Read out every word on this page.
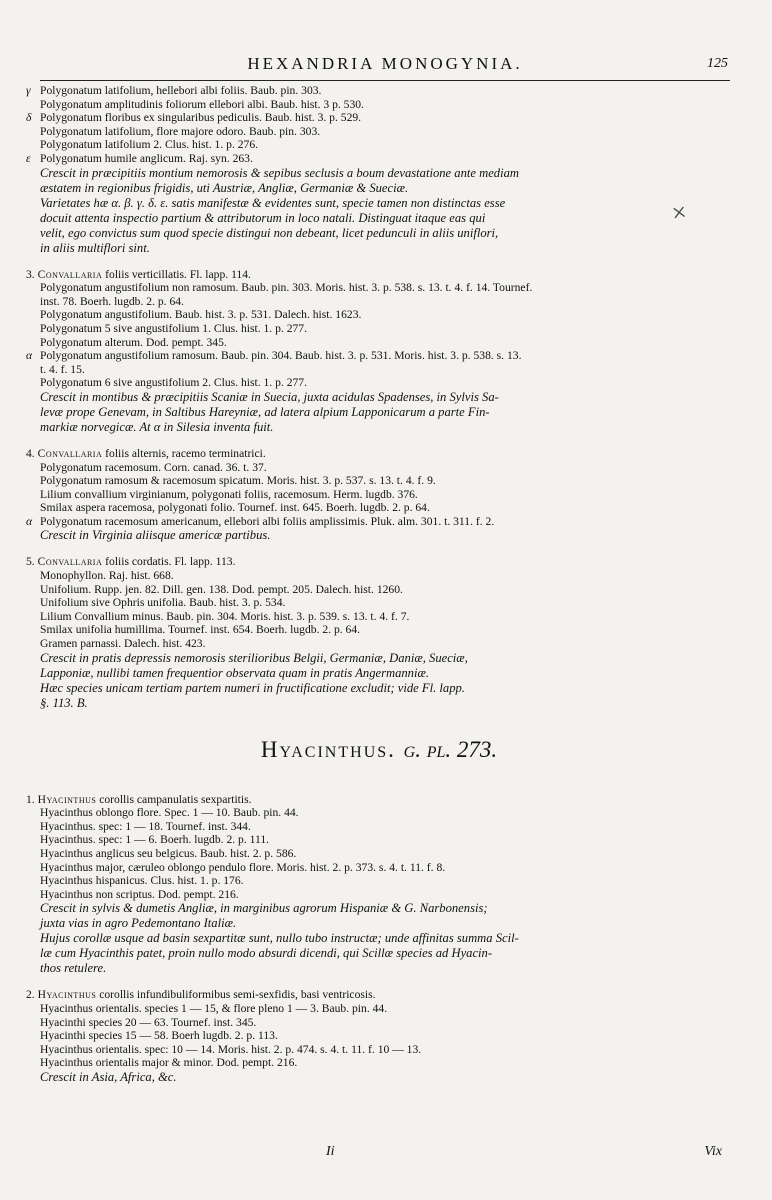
HEXANDRIA MONOGYNIA.	125
×
γ Polygonatum latifolium, hellebori albi foliis. Baub. pin. 303.
Polygonatum amplitudinis foliorum ellebori albi. Baub. hist. 3 p. 530.
δ Polygonatum floribus ex singularibus pediculis. Baub. hist. 3. p. 529.
Polygonatum latifolium, flore majore odoro. Baub. pin. 303.
Polygonatum latifolium 2. Clus. hist. 1. p. 276.
ε Polygonatum humile anglicum. Raj. syn. 263.
Crescit in præcipitiis montium nemorosis & sepibus seclusis a boum devastatione ante mediam
æstatem in regionibus frigidis, uti Austriæ, Angliæ, Germaniæ & Sueciæ.
Varietates hæ α. β. γ. δ. ε. satis manifestæ & evidentes sunt, specie tamen non distinctas esse
docuit attenta inspectio partium & attributorum in loco natali. Distinguat itaque eas qui
velit, ego convictus sum quod specie distingui non debeant, licet pedunculi in aliis uniflori,
in aliis multiflori sint.
3. Convallaria foliis verticillatis. Fl. lapp. 114.
Polygonatum angustifolium non ramosum. Baub. pin. 303. Moris. hist. 3. p. 538. s. 13. t. 4. f. 14. Tournef.
inst. 78. Boerh. lugdb. 2. p. 64.
Polygonatum angustifolium. Baub. hist. 3. p. 531. Dalech. hist. 1623.
Polygonatum 5 sive angustifolium 1. Clus. hist. 1. p. 277.
Polygonatum alterum. Dod. pempt. 345.
α Polygonatum angustifolium ramosum. Baub. pin. 304. Baub. hist. 3. p. 531. Moris. hist. 3. p. 538. s. 13.
t. 4. f. 15.
Polygonatum 6 sive angustifolium 2. Clus. hist. 1. p. 277.
Crescit in montibus & præcipitiis Scaniæ in Suecia, juxta acidulas Spadenses, in Sylvis Sa-
levæ prope Genevam, in Saltibus Hareyniæ, ad latera alpium Lapponicarum a parte Fin-
markiæ norvegicæ. At α in Silesia inventa fuit.
4. Convallaria foliis alternis, racemo terminatrici.
Polygonatum racemosum. Corn. canad. 36. t. 37.
Polygonatum ramosum & racemosum spicatum. Moris. hist. 3. p. 537. s. 13. t. 4. f. 9.
Lilium convallium virginianum, polygonati foliis, racemosum. Herm. lugdb. 376.
Smilax aspera racemosa, polygonati folio. Tournef. inst. 645. Boerh. lugdb. 2. p. 64.
α Polygonatum racemosum americanum, ellebori albi foliis amplissimis. Pluk. alm. 301. t. 311. f. 2.
Crescit in Virginia aliisque americæ partibus.
5. Convallaria foliis cordatis. Fl. lapp. 113.
Monophyllon. Raj. hist. 668.
Unifolium. Rupp. jen. 82. Dill. gen. 138. Dod. pempt. 205. Dalech. hist. 1260.
Unifolium sive Ophris unifolia. Baub. hist. 3. p. 534.
Lilium Convallium minus. Baub. pin. 304. Moris. hist. 3. p. 539. s. 13. t. 4. f. 7.
Smilax unifolia humillima. Tournef. inst. 654. Boerh. lugdb. 2. p. 64.
Gramen parnassi. Dalech. hist. 423.
Crescit in pratis depressis nemorosis sterilioribus Belgii, Germaniæ, Daniæ, Sueciæ,
Lapponiæ, nullibi tamen frequentior observata quam in pratis Angermanniæ.
Hæc species unicam tertiam partem numeri in fructificatione excludit; vide Fl. lapp.
§. 113. B.
Hyacinthus. g. pl. 273.
1. Hyacinthus corollis campanulatis sexpartitis.
Hyacinthus oblongo flore. Spec. 1 — 10. Baub. pin. 44.
Hyacinthus. spec: 1 — 18. Tournef. inst. 344.
Hyacinthus. spec: 1 — 6. Boerh. lugdb. 2. p. 111.
Hyacinthus anglicus seu belgicus. Baub. hist. 2. p. 586.
Hyacinthus major, cæruleo oblongo pendulo flore. Moris. hist. 2. p. 373. s. 4. t. 11. f. 8.
Hyacinthus hispanicus. Clus. hist. 1. p. 176.
Hyacinthus non scriptus. Dod. pempt. 216.
Crescit in sylvis & dumetis Angliæ, in marginibus agrorum Hispaniæ & G. Narbonensis;
juxta vias in agro Pedemontano Italiæ.
Hujus corollæ usque ad basin sexpartitæ sunt, nullo tubo instructæ; unde affinitas summa Scil-
læ cum Hyacinthis patet, proin nullo modo absurdi dicendi, qui Scillæ species ad Hyacin-
thos retulere.
2. Hyacinthus corollis infundibuliformibus semi-sexfidis, basi ventricosis.
Hyacinthus orientalis. species 1 — 15, & flore pleno 1 — 3. Baub. pin. 44.
Hyacinthi species 20 — 63. Tournef. inst. 345.
Hyacinthi species 15 — 58. Boerh lugdb. 2. p. 113.
Hyacinthus orientalis. spec: 10 — 14. Moris. hist. 2. p. 474. s. 4. t. 11. f. 10 — 13.
Hyacinthus orientalis major & minor. Dod. pempt. 216.
Crescit in Asia, Africa, &c.
Ii	Vix
